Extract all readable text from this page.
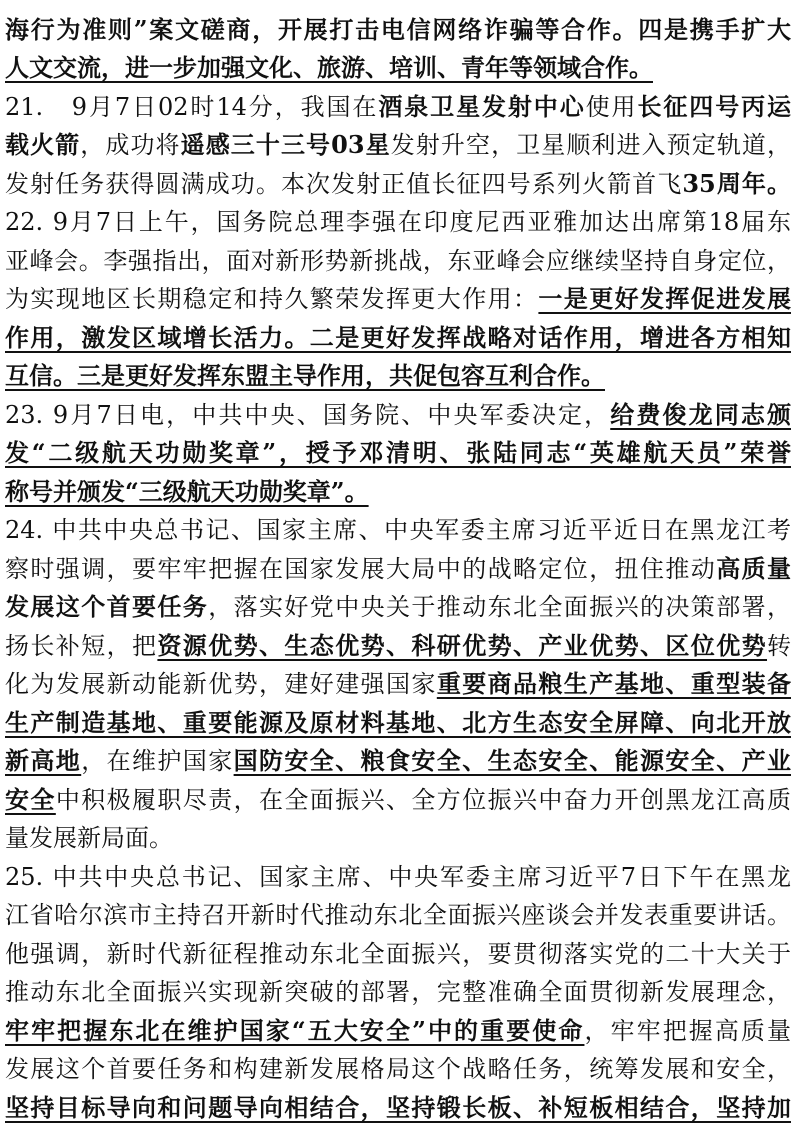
海行为准则”案文磋商，开展打击电信网络诈骗等合作。四是携手扩大
人文交流，进一步加强文化、旅游、培训、青年等领域合作。
21. 9月7日02时14分，我国在酒泉卫星发射中心使用长征四号丙运
载火箭，成功将遥感三十三号03星发射升空，卫星顺利进入预定轨道，
发射任务获得圆满成功。本次发射正值长征四号系列火箭首飞35周年。
22. 9月7日上午，国务院总理李强在印度尼西亚雅加达出席第18届东
亚峰会。李强指出，面对新形势新挑战，东亚峰会应继续坚持自身定位，
为实现地区长期稳定和持久繁荣发挥更大作用：一是更好发挥促进发展
作用，激发区域增长活力。二是更好发挥战略对话作用，增进各方相知
互信。三是更好发挥东盟主导作用，共促包容互利合作。
23. 9月7日电，中共中央、国务院、中央军委决定，给费俊龙同志颁
发“二级航天功勋奖章”，授予邓清明、张陆同志“英雄航天员”荣誉
称号并颁发“三级航天功勋奖章”。
24. 中共中央总书记、国家主席、中央军委主席习近平近日在黑龙江考
察时强调，要牢牢把握在国家发展大局中的战略定位，扭住推动高质量
发展这个首要任务，落实好党中央关于推动东北全面振兴的决策部署，
扬长补短，把资源优势、生态优势、科研优势、产业优势、区位优势转
化为发展新动能新优势，建好建强国家重要商品粮生产基地、重型装备
生产制造基地、重要能源及原材料基地、北方生态安全屏障、向北开放
新高地，在维护国家国防安全、粮食安全、生态安全、能源安全、产业
安全中积极履职尽责，在全面振兴、全方位振兴中奋力开创黑龙江高质
量发展新局面。
25. 中共中央总书记、国家主席、中央军委主席习近平7日下午在黑龙
江省哈尔滨市主持召开新时代推动东北全面振兴座谈会并发表重要讲话。
他强调，新时代新征程推动东北全面振兴，要贯彻落实党的二十大关于
推动东北全面振兴实现新突破的部署，完整准确全面贯彻新发展理念，
牢牢把握东北在维护国家“五大安全”中的重要使命，牢牢把握高质量
发展这个首要任务和构建新发展格局这个战略任务，统筹发展和安全，
坚持目标导向和问题导向相结合，坚持锻长板、补短板相结合，坚持加
